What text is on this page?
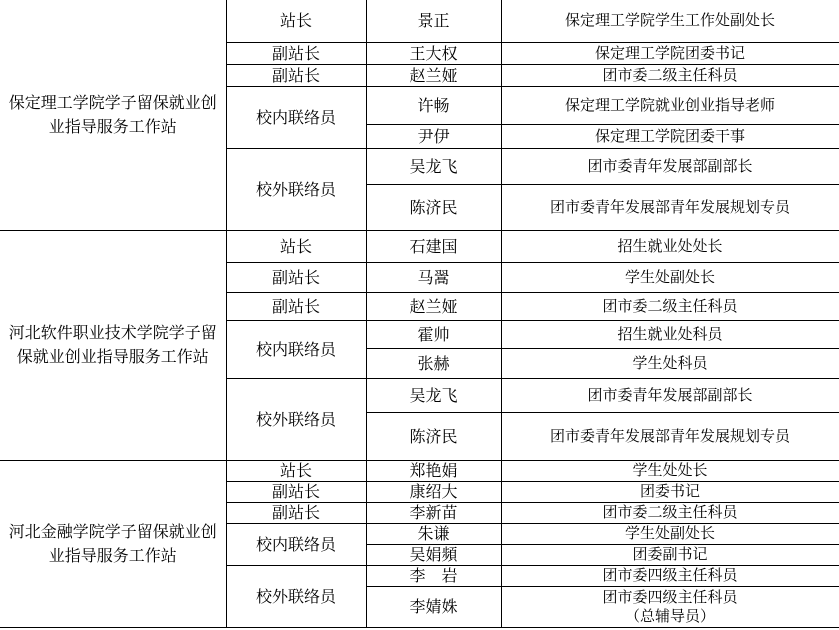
保定理工学院学子留保就业创业指导服务工作站	站长	景正	保定理工学院学生工作处副处长
	副站长	王大权	保定理工学院团委书记
	副站长	赵兰娅	团市委二级主任科员
	校内联络员	许畅	保定理工学院就业创业指导老师
		尹伊	保定理工学院团委干事
	校外联络员	吴龙飞	团市委青年发展部副部长
		陈济民	团市委青年发展部青年发展规划专员
河北软件职业技术学院学子留保就业创业指导服务工作站	站长	石建国	招生就业处处长
	副站长	马翯	学生处副处长
	副站长	赵兰娅	团市委二级主任科员
	校内联络员	霍帅	招生就业处科员
		张赫	学生处科员
	校外联络员	吴龙飞	团市委青年发展部副部长
		陈济民	团市委青年发展部青年发展规划专员
河北金融学院学子留保就业创业指导服务工作站	站长	郑艳娟	学生处处长
	副站长	康绍大	团委书记
	副站长	李新苗	团市委二级主任科员
	校内联络员	朱谦	学生处副处长
		吴娟頻	团委副书记
	校外联络员	李　岩	团市委四级主任科员
		李婧姝	团市委四级主任科员
（总辅导员）
